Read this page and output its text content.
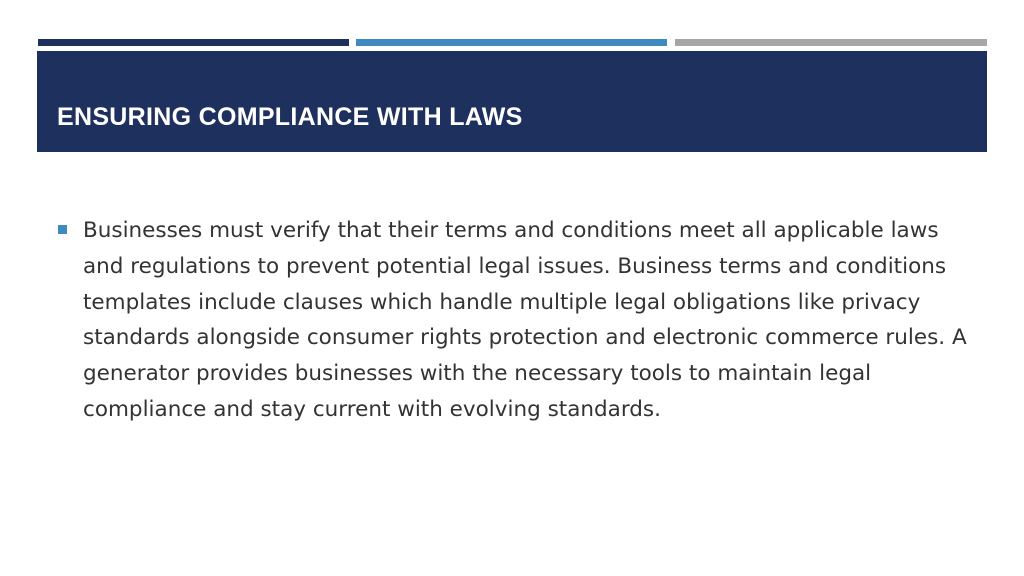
ENSURING COMPLIANCE WITH LAWS

Businesses must verify that their terms and conditions meet all applicable laws and regulations to prevent potential legal issues. Business terms and conditions templates include clauses which handle multiple legal obligations like privacy standards alongside consumer rights protection and electronic commerce rules. A generator provides businesses with the necessary tools to maintain legal compliance and stay current with evolving standards.
